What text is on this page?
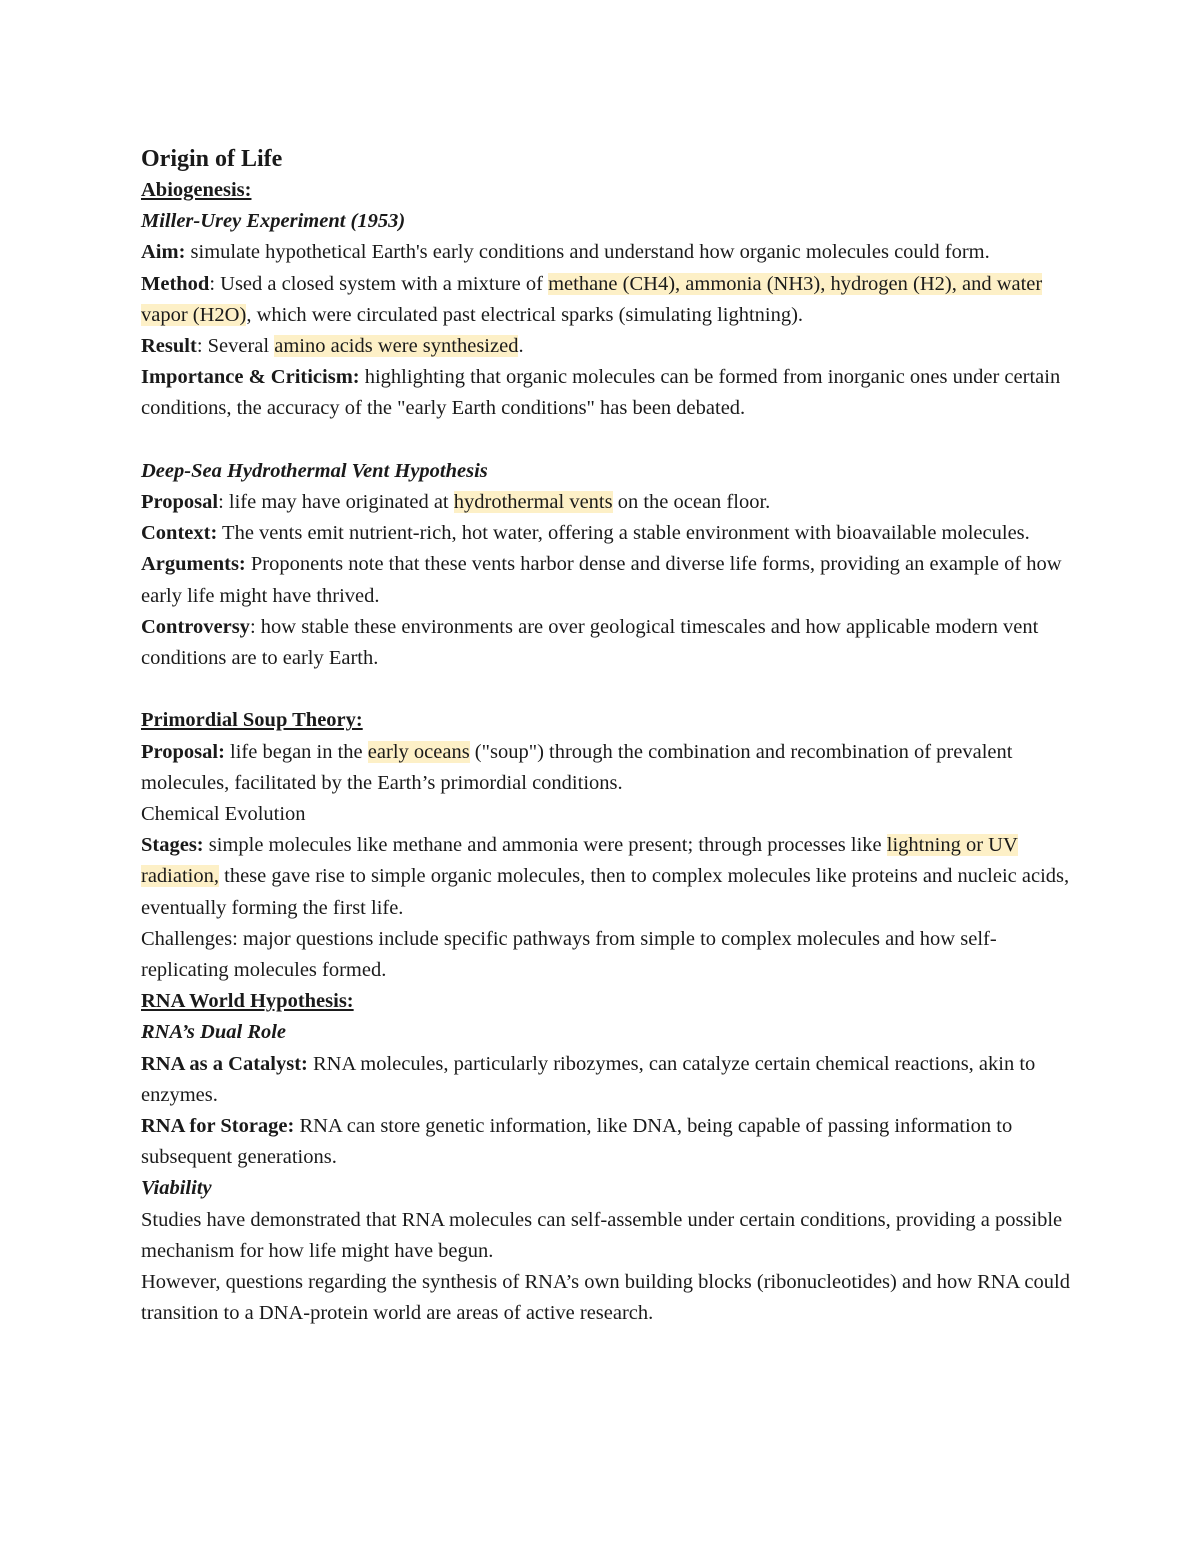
Origin of Life
Abiogenesis:
Miller-Urey Experiment (1953)

Aim: simulate hypothetical Earth's early conditions and understand how organic molecules could form.

Method: Used a closed system with a mixture of methane (CH4), ammonia (NH3), hydrogen (H2), and water vapor (H2O), which were circulated past electrical sparks (simulating lightning).

Result: Several amino acids were synthesized.

Importance & Criticism: highlighting that organic molecules can be formed from inorganic ones under certain conditions, the accuracy of the "early Earth conditions" has been debated.

Deep-Sea Hydrothermal Vent Hypothesis

Proposal: life may have originated at hydrothermal vents on the ocean floor.

Context: The vents emit nutrient-rich, hot water, offering a stable environment with bioavailable molecules.

Arguments: Proponents note that these vents harbor dense and diverse life forms, providing an example of how early life might have thrived.

Controversy: how stable these environments are over geological timescales and how applicable modern vent conditions are to early Earth.

Primordial Soup Theory:

Proposal: life began in the early oceans ("soup") through the combination and recombination of prevalent molecules, facilitated by the Earth’s primordial conditions.

Chemical Evolution

Stages: simple molecules like methane and ammonia were present; through processes like lightning or UV radiation, these gave rise to simple organic molecules, then to complex molecules like proteins and nucleic acids, eventually forming the first life.

Challenges: major questions include specific pathways from simple to complex molecules and how self-replicating molecules formed.

RNA World Hypothesis:
RNA’s Dual Role

RNA as a Catalyst: RNA molecules, particularly ribozymes, can catalyze certain chemical reactions, akin to enzymes.

RNA for Storage: RNA can store genetic information, like DNA, being capable of passing information to subsequent generations.

Viability

Studies have demonstrated that RNA molecules can self-assemble under certain conditions, providing a possible mechanism for how life might have begun.

However, questions regarding the synthesis of RNA’s own building blocks (ribonucleotides) and how RNA could transition to a DNA-protein world are areas of active research.
